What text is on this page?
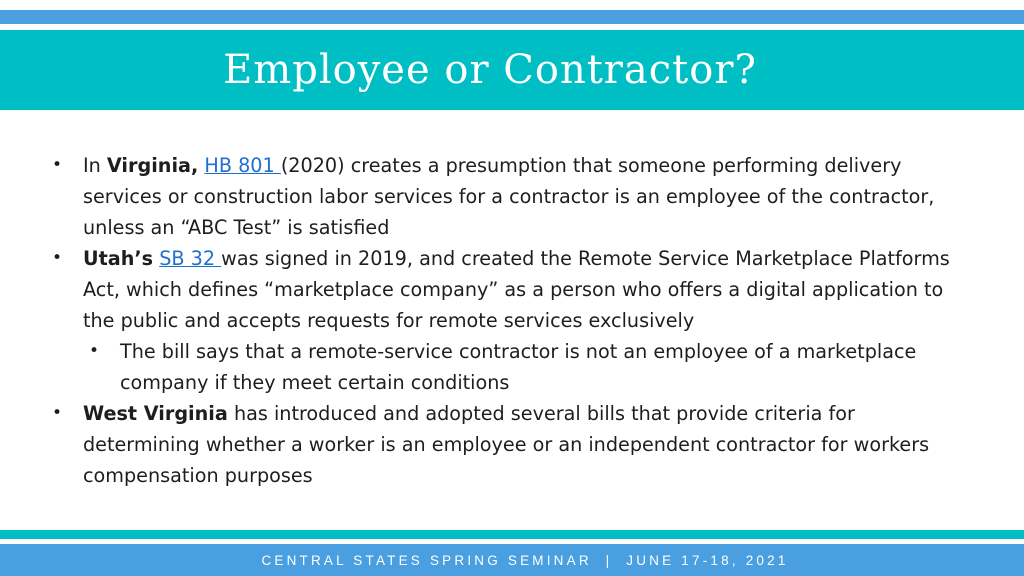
Employee or Contractor?
•	In Virginia, HB 801 (2020) creates a presumption that someone performing delivery services or construction labor services for a contractor is an employee of the contractor, unless an “ABC Test” is satisfied
•	Utah’s SB 32 was signed in 2019, and created the Remote Service Marketplace Platforms Act, which defines “marketplace company” as a person who offers a digital application to the public and accepts requests for remote services exclusively
•	The bill says that a remote-service contractor is not an employee of a marketplace company if they meet certain conditions
•	West Virginia has introduced and adopted several bills that provide criteria for determining whether a worker is an employee or an independent contractor for workers compensation purposes
CENTRAL STATES SPRING SEMINAR  |  JUNE 17-18, 2021
